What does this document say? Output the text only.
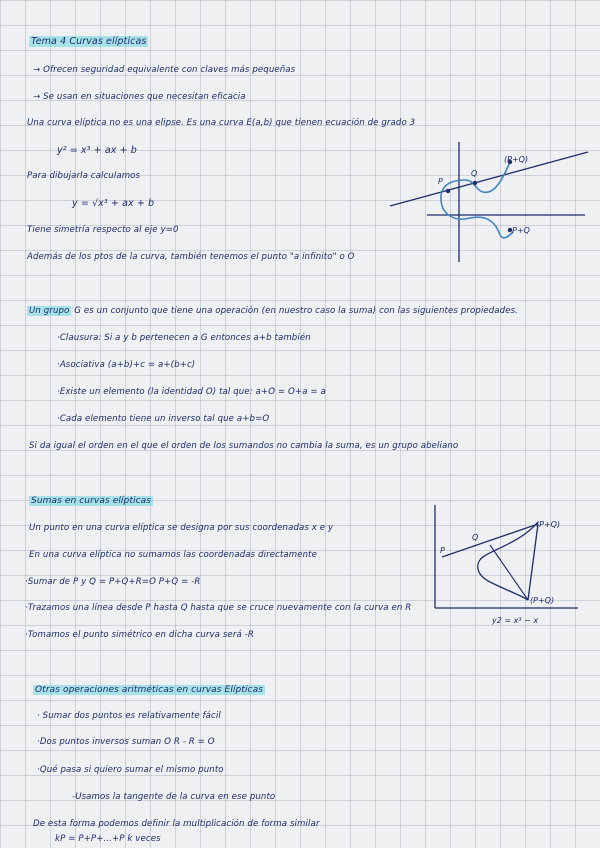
Tema 4 Curvas elípticas
→ Ofrecen seguridad equivalente con claves más pequeñas
→ Se usan en situaciones que necesitan eficacia
Una curva elíptica no es una elipse. Es una curva E(a,b) que tienen ecuación de grado 3
y² = x³ + ax + b
Para dibujarla calculamos
y = √x³ + ax + b
Tiene simetría respecto al eje y=0
Además de los ptos de la curva, también tenemos el punto "a infinito" o O
P
Q
(P+Q)
P+Q
Un grupo G es un conjunto que tiene una operación (en nuestro caso la suma) con las siguientes propiedades.
·Clausura: Si a y b pertenecen a G entonces a+b también
·Asociativa (a+b)+c = a+(b+c)
·Existe un elemento (la identidad O) tal que: a+O = O+a = a
·Cada elemento tiene un inverso tal que a+b=O
Si da igual el orden en el que el orden de los sumandos no cambia la suma, es un grupo abeliano
Sumas en curvas elípticas
Un punto en una curva elíptica se designa por sus coordenadas x e y
En una curva elíptica no sumamos las coordenadas directamente
·Sumar de P y Q = P+Q+R=O P+Q = -R
·Trazamos una línea desde P hasta Q hasta que se cruce nuevamente con la curva en R
·Tomamos el punto simétrico en dicha curva será -R
P
Q
(P+Q)
(P+Q)
y2 = x³ − x
Otras operaciones aritméticas en curvas Elípticas
· Sumar dos puntos es relativamente fácil
·Dos puntos inversos suman O R - R = O
·Qué pasa si quiero sumar el mismo punto
-Usamos la tangente de la curva en ese punto
De esta forma podemos definir la multiplicación de forma similar
kP = P+P+...+P k veces
